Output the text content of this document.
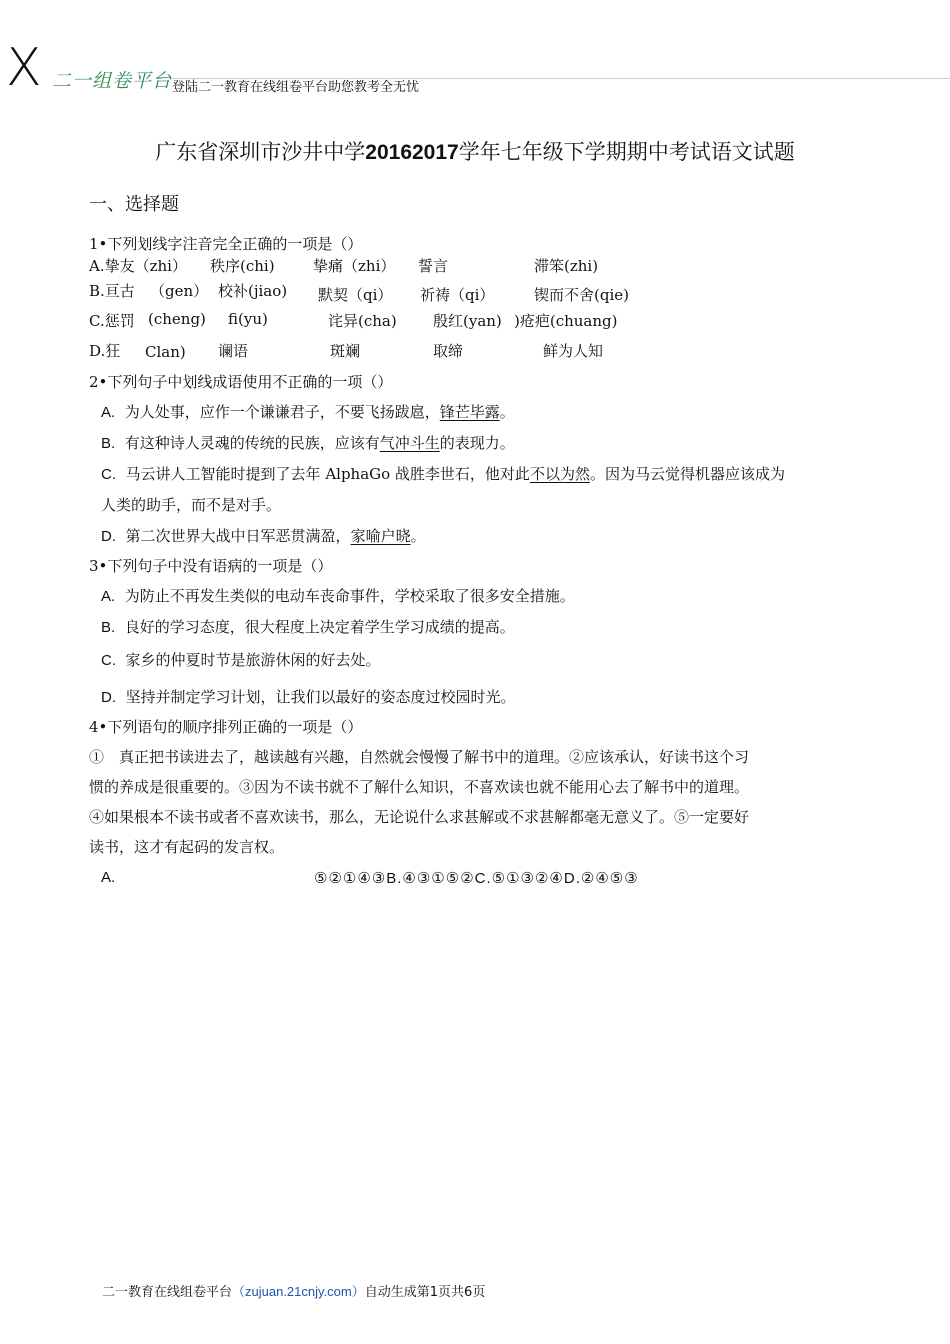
X 二一组卷平台 登陆二一教育在线组卷平台助您教考全无忧
广东省深圳市沙井中学20162017学年七年级下学期期中考试语文试题
一、选择题
1•下列划线字注音完全正确的一项是（）
A.挚友（zhi） 秩序(chi)	挚痛（zhi） 誓言	滞笨(zhi)
B.亘古 （gen） 校补(jiao) 默契（qi） 祈祷（qi）	锲而不舍(qie)
C.惩罚 (cheng) fi(yu)	诧异(cha) 殷红(yan) )疮疤(chuang)
D.狂 Clan) 谰语	斑斓	取缔	鲜为人知
2•下列句子中划线成语使用不正确的一项（）
A. 为人处事，应作一个谦谦君子，不要飞扬跋扈，锋芒毕露。
B. 有这种诗人灵魂的传统的民族，应该有气冲斗生的表现力。
C. 马云讲人工智能时提到了去年 AlphaGo 战胜李世石，他对此不以为然。因为马云觉得机器应该成为
人类的助手，而不是对手。
D. 第二次世界大战中日军恶贯满盈，家喻户晓。
3•下列句子中没有语病的一项是（）
A. 为防止不再发生类似的电动车丧命事件，学校采取了很多安全措施。
B. 良好的学习态度，很大程度上决定着学生学习成绩的提高。
C. 家乡的仲夏时节是旅游休闲的好去处。
D. 坚持并制定学习计划，让我们以最好的姿态度过校园时光。
4•下列语句的顺序排列正确的一项是（）
①　真正把书读进去了，越读越有兴趣，自然就会慢慢了解书中的道理。②应该承认，好读书这个习
惯的养成是很重要的。③因为不读书就不了解什么知识，不喜欢读也就不能用心去了解书中的道理。
④如果根本不读书或者不喜欢读书，那么，无论说什么求甚解或不求甚解都毫无意义了。⑤一定要好
读书，这才有起码的发言权。
A.	⑤②①④③B.④③①⑤②C.⑤①③②④D.②④⑤③
二一教育在线组卷平台（zujuan.21cnjy.com）自动生成第1页共6页
